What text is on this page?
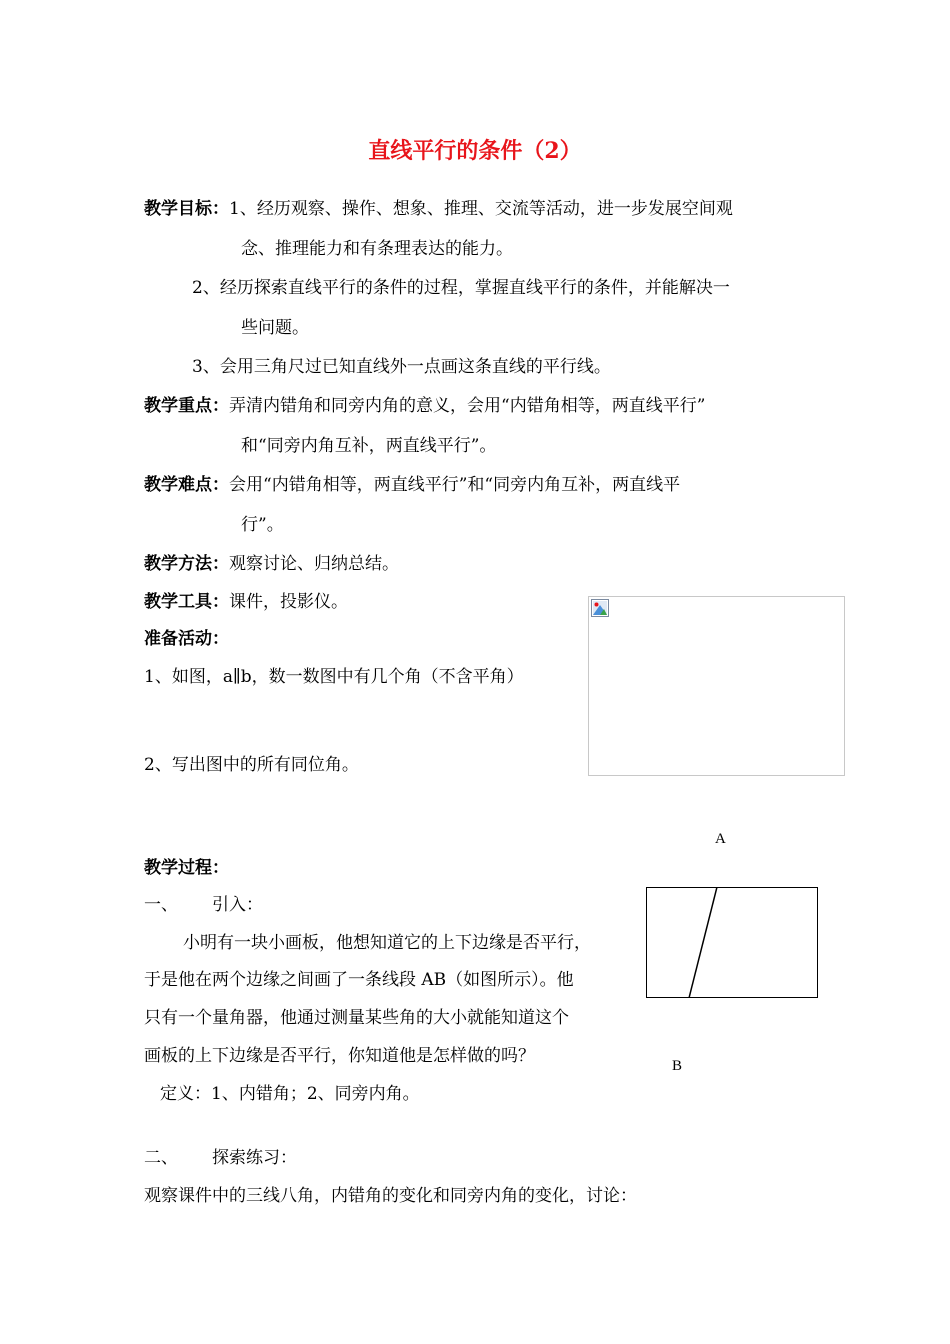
直线平行的条件（2）
教学目标：1、经历观察、操作、想象、推理、交流等活动，进一步发展空间观
念、推理能力和有条理表达的能力。
2、经历探索直线平行的条件的过程，掌握直线平行的条件，并能解决一
些问题。
3、会用三角尺过已知直线外一点画这条直线的平行线。
教学重点：弄清内错角和同旁内角的意义，会用“内错角相等，两直线平行”
和“同旁内角互补，两直线平行”。
教学难点：会用“内错角相等，两直线平行”和“同旁内角互补，两直线平
行”。
教学方法：观察讨论、归纳总结。
教学工具：课件，投影仪。
准备活动：
1、如图，a∥b，数一数图中有几个角（不含平角）
2、写出图中的所有同位角。
教学过程：
一、 引入：
小明有一块小画板，他想知道它的上下边缘是否平行，
于是他在两个边缘之间画了一条线段 AB（如图所示）。他
只有一个量角器，他通过测量某些角的大小就能知道这个
画板的上下边缘是否平行，你知道他是怎样做的吗？
定义：1、内错角；2、同旁内角。
二、 探索练习：
观察课件中的三线八角，内错角的变化和同旁内角的变化，讨论：
A
B
